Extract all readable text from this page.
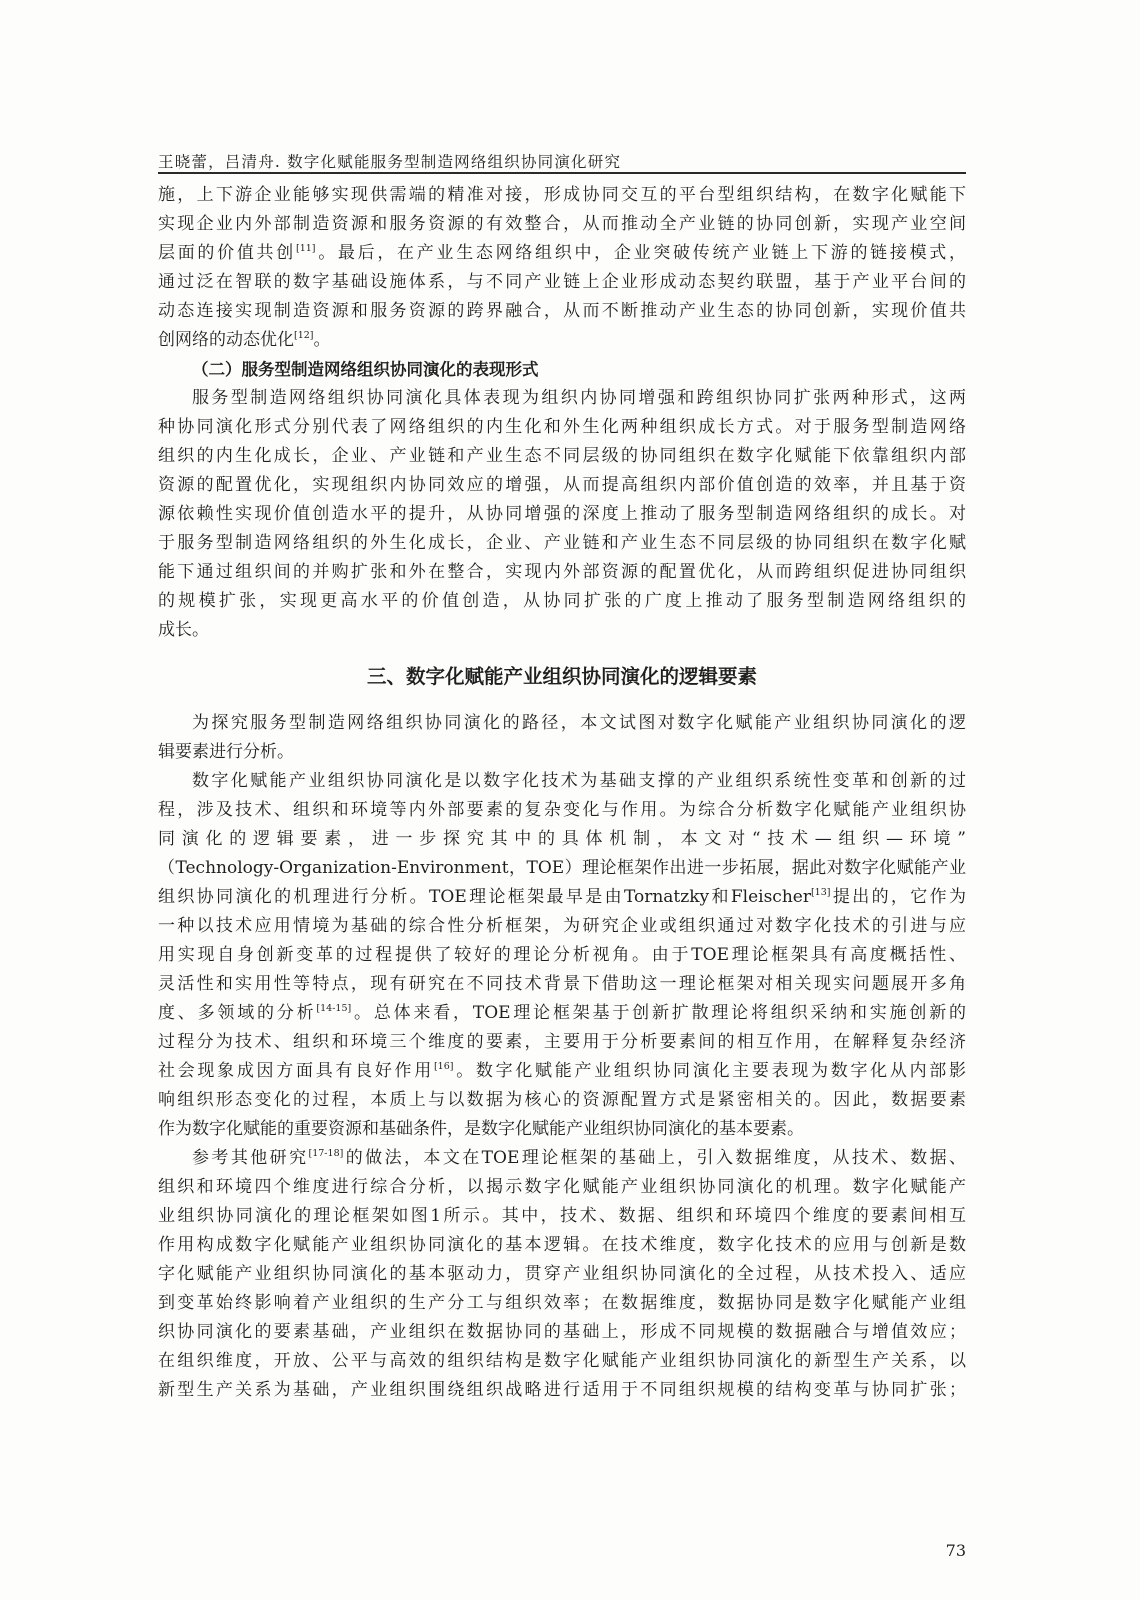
王晓蕾，吕清舟. 数字化赋能服务型制造网络组织协同演化研究
施，上下游企业能够实现供需端的精准对接，形成协同交互的平台型组织结构，在数字化赋能下
实现企业内外部制造资源和服务资源的有效整合，从而推动全产业链的协同创新，实现产业空间
层面的价值共创[11]。最后，在产业生态网络组织中，企业突破传统产业链上下游的链接模式，
通过泛在智联的数字基础设施体系，与不同产业链上企业形成动态契约联盟，基于产业平台间的
动态连接实现制造资源和服务资源的跨界融合，从而不断推动产业生态的协同创新，实现价值共
创网络的动态优化[12]。
（二）服务型制造网络组织协同演化的表现形式
服务型制造网络组织协同演化具体表现为组织内协同增强和跨组织协同扩张两种形式，这两
种协同演化形式分别代表了网络组织的内生化和外生化两种组织成长方式。对于服务型制造网络
组织的内生化成长，企业、产业链和产业生态不同层级的协同组织在数字化赋能下依靠组织内部
资源的配置优化，实现组织内协同效应的增强，从而提高组织内部价值创造的效率，并且基于资
源依赖性实现价值创造水平的提升，从协同增强的深度上推动了服务型制造网络组织的成长。对
于服务型制造网络组织的外生化成长，企业、产业链和产业生态不同层级的协同组织在数字化赋
能下通过组织间的并购扩张和外在整合，实现内外部资源的配置优化，从而跨组织促进协同组织
的规模扩张，实现更高水平的价值创造，从协同扩张的广度上推动了服务型制造网络组织的
成长。
三、数字化赋能产业组织协同演化的逻辑要素
为探究服务型制造网络组织协同演化的路径，本文试图对数字化赋能产业组织协同演化的逻
辑要素进行分析。
数字化赋能产业组织协同演化是以数字化技术为基础支撑的产业组织系统性变革和创新的过
程，涉及技术、组织和环境等内外部要素的复杂变化与作用。为综合分析数字化赋能产业组织协
同演化的逻辑要素，进一步探究其中的具体机制，本文对“技术—组织—环境”
（Technology-Organization-Environment，TOE）理论框架作出进一步拓展，据此对数字化赋能产业
组织协同演化的机理进行分析。TOE理论框架最早是由Tornatzky和Fleischer[13]提出的，它作为
一种以技术应用情境为基础的综合性分析框架，为研究企业或组织通过对数字化技术的引进与应
用实现自身创新变革的过程提供了较好的理论分析视角。由于TOE理论框架具有高度概括性、
灵活性和实用性等特点，现有研究在不同技术背景下借助这一理论框架对相关现实问题展开多角
度、多领域的分析[14-15]。总体来看，TOE理论框架基于创新扩散理论将组织采纳和实施创新的
过程分为技术、组织和环境三个维度的要素，主要用于分析要素间的相互作用，在解释复杂经济
社会现象成因方面具有良好作用[16]。数字化赋能产业组织协同演化主要表现为数字化从内部影
响组织形态变化的过程，本质上与以数据为核心的资源配置方式是紧密相关的。因此，数据要素
作为数字化赋能的重要资源和基础条件，是数字化赋能产业组织协同演化的基本要素。
参考其他研究[17-18]的做法，本文在TOE理论框架的基础上，引入数据维度，从技术、数据、
组织和环境四个维度进行综合分析，以揭示数字化赋能产业组织协同演化的机理。数字化赋能产
业组织协同演化的理论框架如图1所示。其中，技术、数据、组织和环境四个维度的要素间相互
作用构成数字化赋能产业组织协同演化的基本逻辑。在技术维度，数字化技术的应用与创新是数
字化赋能产业组织协同演化的基本驱动力，贯穿产业组织协同演化的全过程，从技术投入、适应
到变革始终影响着产业组织的生产分工与组织效率；在数据维度，数据协同是数字化赋能产业组
织协同演化的要素基础，产业组织在数据协同的基础上，形成不同规模的数据融合与增值效应；
在组织维度，开放、公平与高效的组织结构是数字化赋能产业组织协同演化的新型生产关系，以
新型生产关系为基础，产业组织围绕组织战略进行适用于不同组织规模的结构变革与协同扩张；
73
